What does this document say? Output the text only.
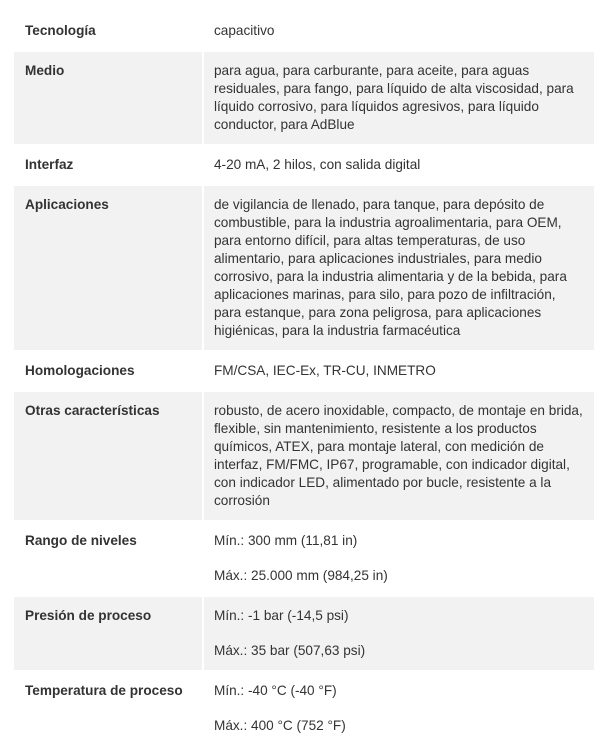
Tecnología	capacitivo
Medio	para agua, para carburante, para aceite, para aguas residuales, para fango, para líquido de alta viscosidad, para líquido corrosivo, para líquidos agresivos, para líquido conductor, para AdBlue
Interfaz	4-20 mA, 2 hilos, con salida digital
Aplicaciones	de vigilancia de llenado, para tanque, para depósito de combustible, para la industria agroalimentaria, para OEM, para entorno difícil, para altas temperaturas, de uso alimentario, para aplicaciones industriales, para medio corrosivo, para la industria alimentaria y de la bebida, para aplicaciones marinas, para silo, para pozo de infiltración, para estanque, para zona peligrosa, para aplicaciones higiénicas, para la industria farmacéutica
Homologaciones	FM/CSA, IEC-Ex, TR-CU, INMETRO
Otras características	robusto, de acero inoxidable, compacto, de montaje en brida, flexible, sin mantenimiento, resistente a los productos químicos, ATEX, para montaje lateral, con medición de interfaz, FM/FMC, IP67, programable, con indicador digital, con indicador LED, alimentado por bucle, resistente a la corrosión
Rango de niveles	Mín.: 300 mm (11,81 in)
Máx.: 25.000 mm (984,25 in)
Presión de proceso	Mín.: -1 bar (-14,5 psi)
Máx.: 35 bar (507,63 psi)
Temperatura de proceso	Mín.: -40 °C (-40 °F)
Máx.: 400 °C (752 °F)
